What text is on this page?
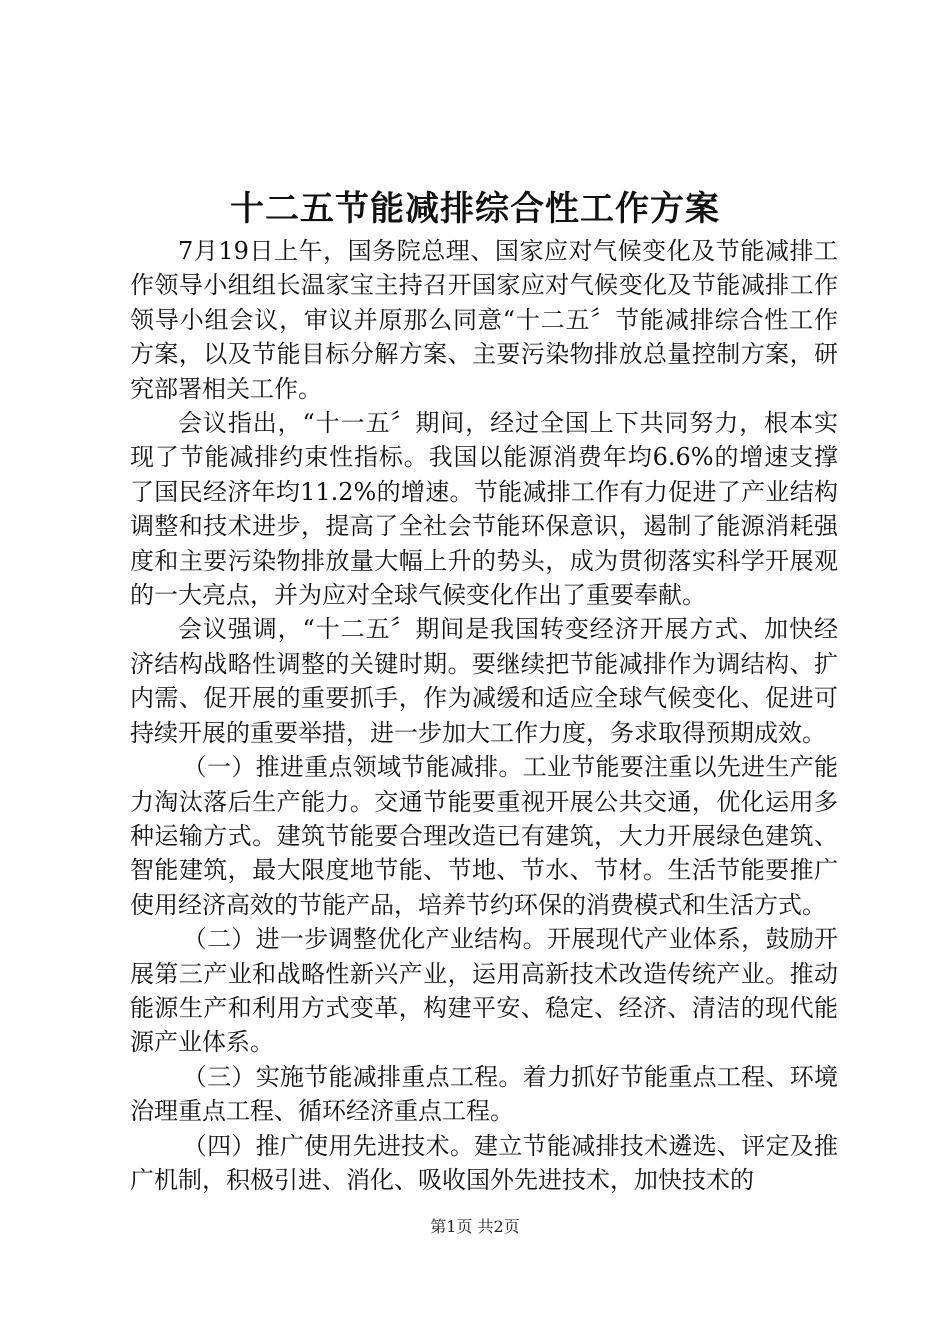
十二五节能减排综合性工作方案

7月19日上午，国务院总理、国家应对气候变化及节能减排工作领导小组组长温家宝主持召开国家应对气候变化及节能减排工作领导小组会议，审议并原那么同意“十二五〞节能减排综合性工作方案，以及节能目标分解方案、主要污染物排放总量控制方案，研究部署相关工作。

会议指出，“十一五〞期间，经过全国上下共同努力，根本实现了节能减排约束性指标。我国以能源消费年均6.6%的增速支撑了国民经济年均11.2%的增速。节能减排工作有力促进了产业结构调整和技术进步，提高了全社会节能环保意识，遏制了能源消耗强度和主要污染物排放量大幅上升的势头，成为贯彻落实科学开展观的一大亮点，并为应对全球气候变化作出了重要奉献。

会议强调，“十二五〞期间是我国转变经济开展方式、加快经济结构战略性调整的关键时期。要继续把节能减排作为调结构、扩内需、促开展的重要抓手，作为减缓和适应全球气候变化、促进可持续开展的重要举措，进一步加大工作力度，务求取得预期成效。

（一）推进重点领域节能减排。工业节能要注重以先进生产能力淘汰落后生产能力。交通节能要重视开展公共交通，优化运用多种运输方式。建筑节能要合理改造已有建筑，大力开展绿色建筑、智能建筑，最大限度地节能、节地、节水、节材。生活节能要推广使用经济高效的节能产品，培养节约环保的消费模式和生活方式。

（二）进一步调整优化产业结构。开展现代产业体系，鼓励开展第三产业和战略性新兴产业，运用高新技术改造传统产业。推动能源生产和利用方式变革，构建平安、稳定、经济、清洁的现代能源产业体系。

（三）实施节能减排重点工程。着力抓好节能重点工程、环境治理重点工程、循环经济重点工程。

（四）推广使用先进技术。建立节能减排技术遴选、评定及推广机制，积极引进、消化、吸收国外先进技术，加快技术的

第1页 共2页
